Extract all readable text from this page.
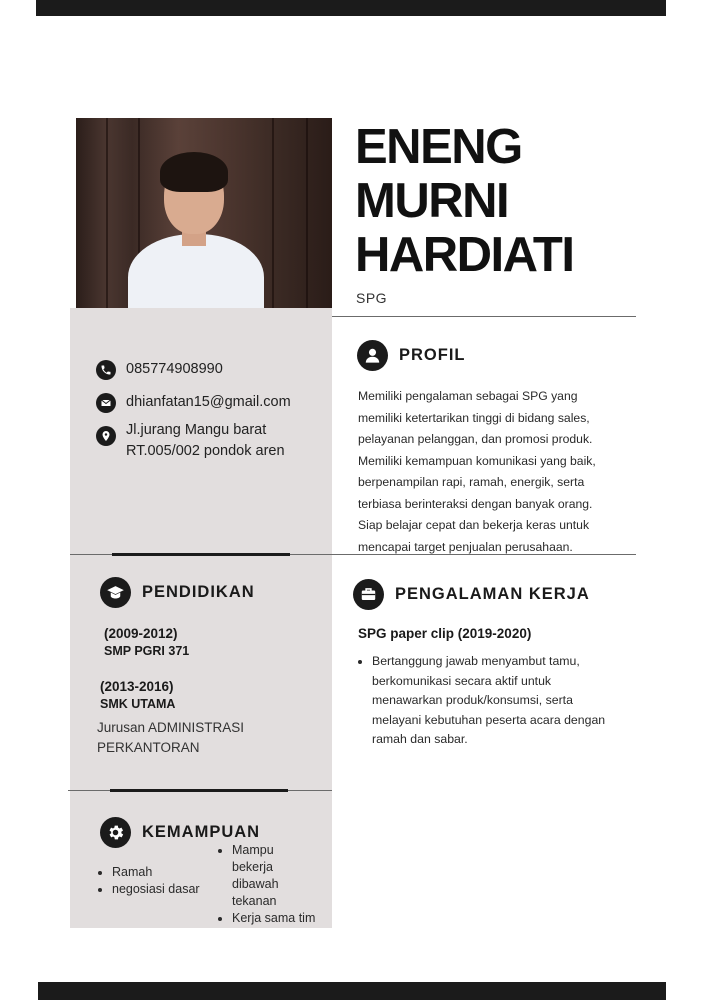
ENENG
MURNI
HARDIATI
SPG
085774908990
dhianfatan15@gmail.com
Jl.jurang Mangu barat
RT.005/002 pondok aren
PROFIL
Memiliki pengalaman sebagai SPG yang
memiliki ketertarikan tinggi di bidang sales,
pelayanan pelanggan, dan promosi produk.
Memiliki kemampuan komunikasi yang baik,
berpenampilan rapi, ramah, energik, serta
terbiasa berinteraksi dengan banyak orang.
Siap belajar cepat dan bekerja keras untuk
mencapai target penjualan perusahaan.
PENDIDIKAN
(2009-2012)
SMP PGRI 371
(2013-2016)
SMK UTAMA
Jurusan ADMINISTRASI
PERKANTORAN
PENGALAMAN KERJA
SPG paper clip (2019-2020)
• Bertanggung jawab menyambut tamu,
berkomunikasi secara aktif untuk
menawarkan produk/konsumsi, serta
melayani kebutuhan peserta acara dengan
ramah dan sabar.
KEMAMPUAN
• Ramah
• negosiasi dasar
• Mampu
bekerja
dibawah
tekanan
• Kerja sama tim
